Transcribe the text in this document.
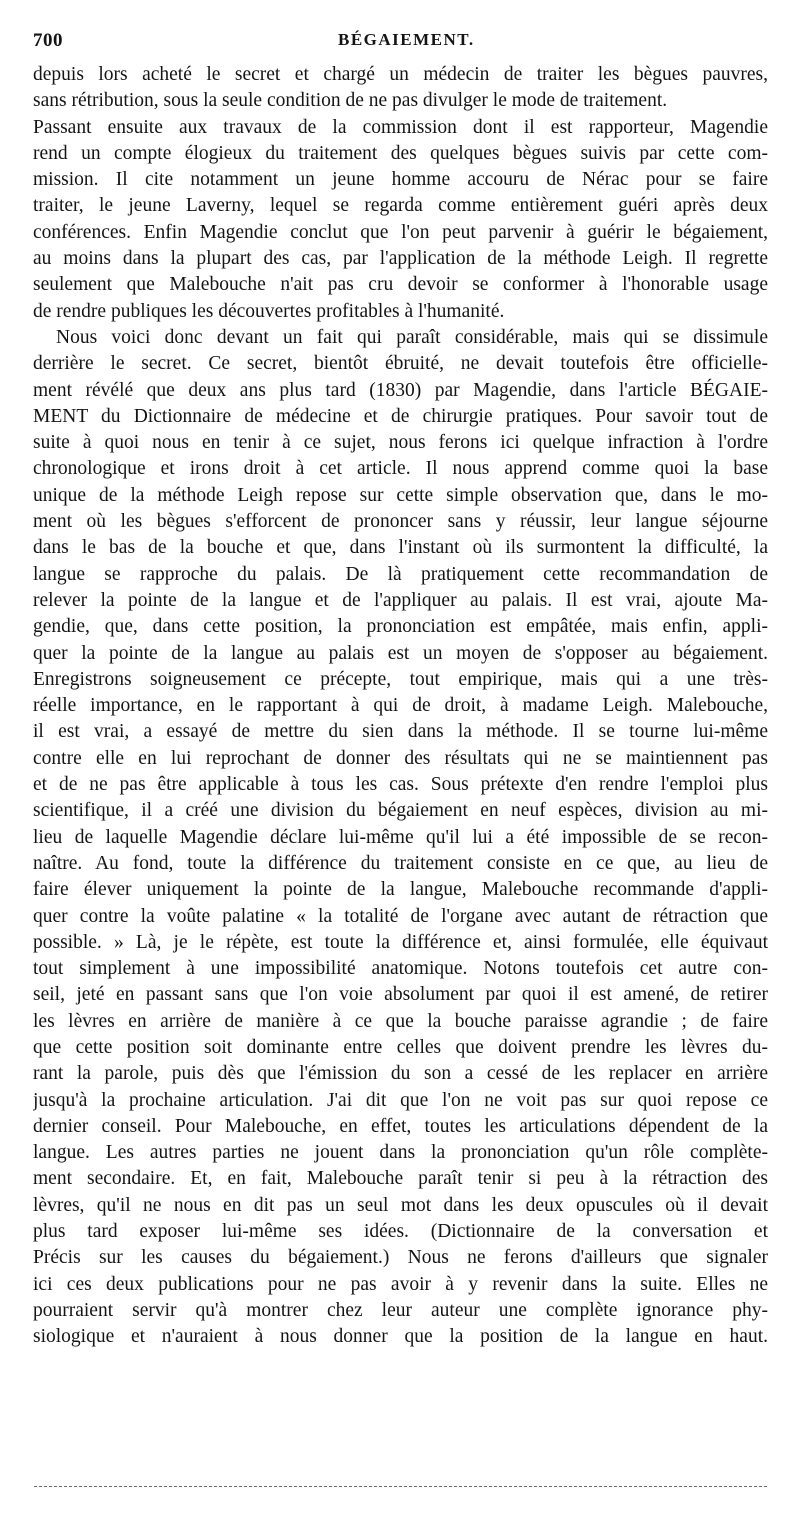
700	BÉGAIEMENT.
depuis lors acheté le secret et chargé un médecin de traiter les bègues pauvres,
sans rétribution, sous la seule condition de ne pas divulger le mode de traitement.
Passant ensuite aux travaux de la commission dont il est rapporteur, Magendie
rend un compte élogieux du traitement des quelques bègues suivis par cette com-
mission. Il cite notamment un jeune homme accouru de Nérac pour se faire
traiter, le jeune Laverny, lequel se regarda comme entièrement guéri après deux
conférences. Enfin Magendie conclut que l'on peut parvenir à guérir le bégaiement,
au moins dans la plupart des cas, par l'application de la méthode Leigh. Il regrette
seulement que Malebouche n'ait pas cru devoir se conformer à l'honorable usage
de rendre publiques les découvertes profitables à l'humanité.
Nous voici donc devant un fait qui paraît considérable, mais qui se dissimule
derrière le secret. Ce secret, bientôt ébruité, ne devait toutefois être officielle-
ment révélé que deux ans plus tard (1830) par Magendie, dans l'article BÉGAIE-
MENT du Dictionnaire de médecine et de chirurgie pratiques. Pour savoir tout de
suite à quoi nous en tenir à ce sujet, nous ferons ici quelque infraction à l'ordre
chronologique et irons droit à cet article. Il nous apprend comme quoi la base
unique de la méthode Leigh repose sur cette simple observation que, dans le mo-
ment où les bègues s'efforcent de prononcer sans y réussir, leur langue séjourne
dans le bas de la bouche et que, dans l'instant où ils surmontent la difficulté, la
langue se rapproche du palais. De là pratiquement cette recommandation de
relever la pointe de la langue et de l'appliquer au palais. Il est vrai, ajoute Ma-
gendie, que, dans cette position, la prononciation est empâtée, mais enfin, appli-
quer la pointe de la langue au palais est un moyen de s'opposer au bégaiement.
Enregistrons soigneusement ce précepte, tout empirique, mais qui a une très-
réelle importance, en le rapportant à qui de droit, à madame Leigh. Malebouche,
il est vrai, a essayé de mettre du sien dans la méthode. Il se tourne lui-même
contre elle en lui reprochant de donner des résultats qui ne se maintiennent pas
et de ne pas être applicable à tous les cas. Sous prétexte d'en rendre l'emploi plus
scientifique, il a créé une division du bégaiement en neuf espèces, division au mi-
lieu de laquelle Magendie déclare lui-même qu'il lui a été impossible de se recon-
naître. Au fond, toute la différence du traitement consiste en ce que, au lieu de
faire élever uniquement la pointe de la langue, Malebouche recommande d'appli-
quer contre la voûte palatine « la totalité de l'organe avec autant de rétraction que
possible. » Là, je le répète, est toute la différence et, ainsi formulée, elle équivaut
tout simplement à une impossibilité anatomique. Notons toutefois cet autre con-
seil, jeté en passant sans que l'on voie absolument par quoi il est amené, de retirer
les lèvres en arrière de manière à ce que la bouche paraisse agrandie ; de faire
que cette position soit dominante entre celles que doivent prendre les lèvres du-
rant la parole, puis dès que l'émission du son a cessé de les replacer en arrière
jusqu'à la prochaine articulation. J'ai dit que l'on ne voit pas sur quoi repose ce
dernier conseil. Pour Malebouche, en effet, toutes les articulations dépendent de la
langue. Les autres parties ne jouent dans la prononciation qu'un rôle complète-
ment secondaire. Et, en fait, Malebouche paraît tenir si peu à la rétraction des
lèvres, qu'il ne nous en dit pas un seul mot dans les deux opuscules où il devait
plus tard exposer lui-même ses idées. (Dictionnaire de la conversation et
Précis sur les causes du bégaiement.) Nous ne ferons d'ailleurs que signaler
ici ces deux publications pour ne pas avoir à y revenir dans la suite. Elles ne
pourraient servir qu'à montrer chez leur auteur une complète ignorance phy-
siologique et n'auraient à nous donner que la position de la langue en haut.
